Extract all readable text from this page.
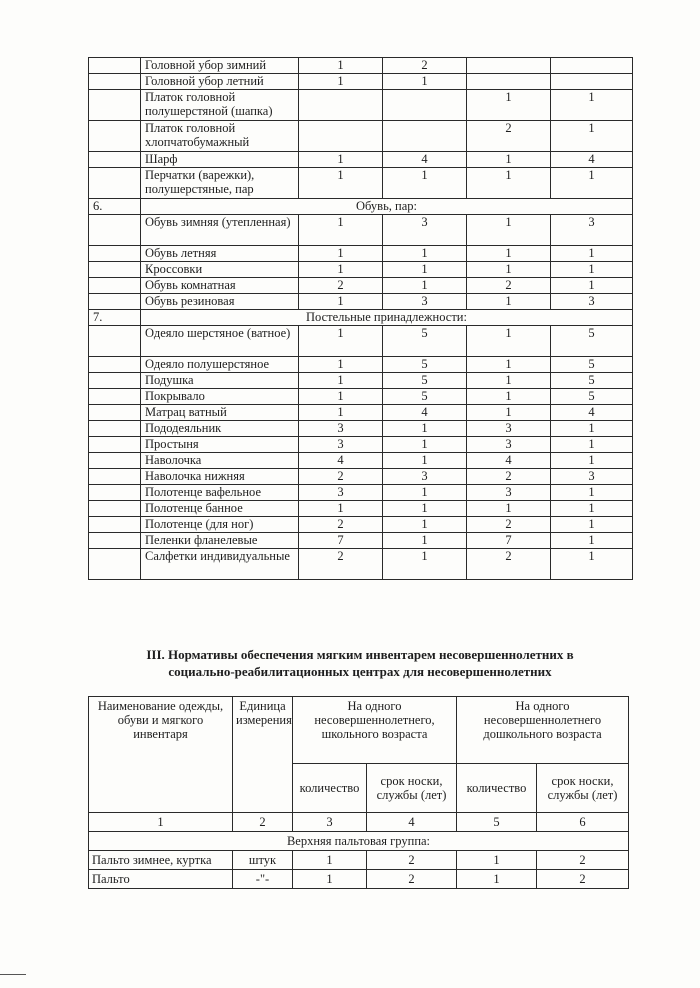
	Головной убор зимний	1	2		
	Головной убор летний	1	1		
	Платок головной полушерстяной (шапка)			1	1
	Платок головной хлопчатобумажный			2	1
	Шарф	1	4	1	4
	Перчатки (варежки), полушерстяные, пар	1	1	1	1
6.	Обувь, пар:				
	Обувь зимняя (утепленная)	1	3	1	3
	Обувь летняя	1	1	1	1
	Кроссовки	1	1	1	1
	Обувь комнатная	2	1	2	1
	Обувь резиновая	1	3	1	3
7.	Постельные принадлежности:				
	Одеяло шерстяное (ватное)	1	5	1	5
	Одеяло полушерстяное	1	5	1	5
	Подушка	1	5	1	5
	Покрывало	1	5	1	5
	Матрац ватный	1	4	1	4
	Пододеяльник	3	1	3	1
	Простыня	3	1	3	1
	Наволочка	4	1	4	1
	Наволочка нижняя	2	3	2	3
	Полотенце вафельное	3	1	3	1
	Полотенце банное	1	1	1	1
	Полотенце (для ног)	2	1	2	1
	Пеленки фланелевые	7	1	7	1
	Салфетки индивидуальные	2	1	2	1
III. Нормативы обеспечения мягким инвентарем несовершеннолетних в
социально-реабилитационных центрах для несовершеннолетних
Наименование одежды, обуви и мягкого инвентаря	Единица измерения	На одного несовершеннолетнего, школьного возраста		На одного несовершеннолетнего дошкольного возраста	
		количество	срок носки, службы (лет)	количество	срок носки, службы (лет)
1	2	3	4	5	6
Верхняя пальтовая группа:					
Пальто зимнее, куртка	штук	1	2	1	2
Пальто	-"-	1	2	1	2
